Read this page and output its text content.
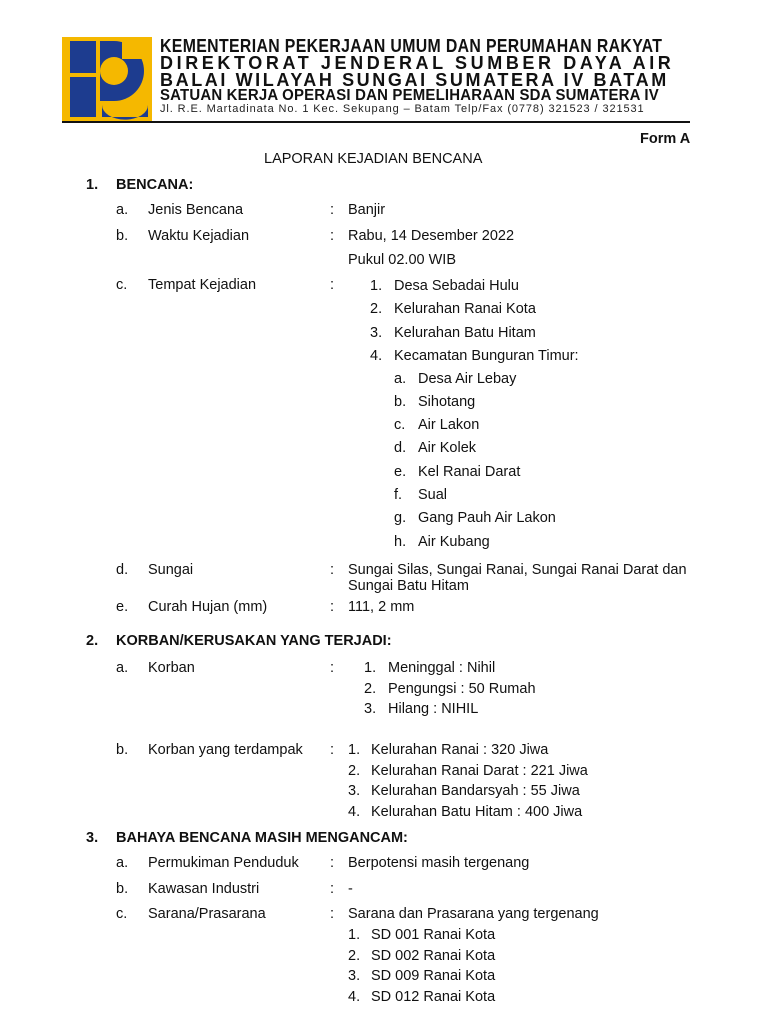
KEMENTERIAN PEKERJAAN UMUM DAN PERUMAHAN RAKYAT
DIREKTORAT JENDERAL SUMBER DAYA AIR
BALAI WILAYAH SUNGAI SUMATERA IV BATAM
SATUAN KERJA OPERASI DAN PEMELIHARAAN SDA SUMATERA IV
Jl. R.E. Martadinata No. 1 Kec. Sekupang – Batam Telp/Fax (0778) 321523 / 321531
Form A
LAPORAN KEJADIAN BENCANA
1. BENCANA:
a. Jenis Bencana	: Banjir
b. Waktu Kejadian	: Rabu, 14 Desember 2022
Pukul 02.00 WIB
c. Tempat Kejadian	: 1. Desa Sebadai Hulu
2. Kelurahan Ranai Kota
3. Kelurahan Batu Hitam
4. Kecamatan Bunguran Timur:
a. Desa Air Lebay
b. Sihotang
c. Air Lakon
d. Air Kolek
e. Kel Ranai Darat
f. Sual
g. Gang Pauh Air Lakon
h. Air Kubang
d. Sungai	: Sungai Silas, Sungai Ranai, Sungai Ranai Darat dan
Sungai Batu Hitam
e. Curah Hujan (mm)	: 111, 2 mm
2. KORBAN/KERUSAKAN YANG TERJADI:
a. Korban	: 1. Meninggal : Nihil
2. Pengungsi : 50 Rumah
3. Hilang : NIHIL
b. Korban yang terdampak : 1. Kelurahan Ranai : 320 Jiwa
2. Kelurahan Ranai Darat : 221 Jiwa
3. Kelurahan Bandarsyah : 55 Jiwa
4. Kelurahan Batu Hitam : 400 Jiwa
3. BAHAYA BENCANA MASIH MENGANCAM:
a. Permukiman Penduduk : Berpotensi masih tergenang
b. Kawasan Industri	: -
c. Sarana/Prasarana	: Sarana dan Prasarana yang tergenang
1. SD 001 Ranai Kota
2. SD 002 Ranai Kota
3. SD 009 Ranai Kota
4. SD 012 Ranai Kota
